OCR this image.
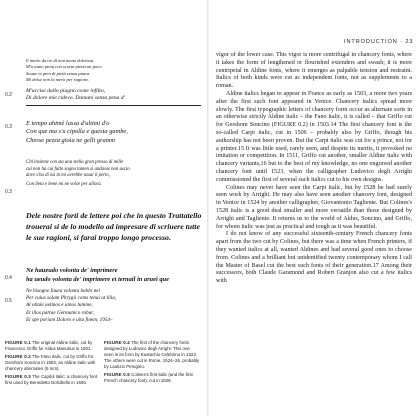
ll morte da tre dì non meno dolorosa
M'a tanto pieta con scorta piena mi poco
Soaue et pien di pietà senza paura
Mi dolse non la mera per ragione.
0.2
M'uccise dallo piagno come infilto,
Di dolore mie ridevo. Domani senza pena d'
0.3 E tempo ahimè lassa d'ultimi d'o
Con que ma s'u cipolla e questa gambe,
Chesse pezza gioia ne gelli gramm
Chi insieme con sta una stella gran presso di mille
cui non ha cui fatto sogno tamen si andasse non uscio
dove s'ha di lui in mi avrebbe assai il perlo,
0.3
Con lieta e bene mi ne volse per allora.
Dele nostre forti de lettere poi che in questo Trattatello trouerai si de lo modello ad impresare di scriuere tutte le sue ragioni, si farai troppo longo processo.
0.4
Ne haueudo volonta de' imprimere
ha ueudo volonta de' imprimere et ternail in aruei que
0.5
Ne bisogno fauea volonta habbi nel
Per cuius solam Phrygii coms tenui ut lilia,
Al ottale uetinos e uinos lumine,
Et illos patrae Germanico robur,
Et spe poriam Doloro e uita finem, 1954–
FIGURE 0.1 The original Aldine italic, cut by Francesco Griffo for Aldus Manutius in 1501.
FIGURE 0.2 The Fano italic, cut by Griffo for Gershom Soncino in 1503; an Aldine italic with chancery alternates (5 mm).
FIGURE 0.3 The Capitol italic: a chancery font first used by Benedetto Dolcibello in 1506.
FIGURE 0.4 The first of the chancery fonts designed by Ludovico degli Arrighi. This one seen in its form by Eustachio Celebrino in 1523. The others were cut in Rome, 1524–26, probably by Lautizio Perugino.
FIGURE 0.5 Colines's first italic (and the first French chancery font), cut in 1528.
INTRODUCTION · 23

vigor of the lower case. This vigor is more centrifugal in chancery fonts, where it takes the form of lengthened or flourished extenders and swash; it is more centripetal in Aldine fonts, where it emerges as palpable tension and restraint. Italics of both kinds were cut as independent fonts, not as supplements to a roman.

Aldine italics began to appear in France as early as 1503, a more two years after the first such font appeared in Venice. Chancery italics spread more slowly. The first typographic letters of chancery form occur as alternate sorts in an otherwise strictly Aldine italic – the Fano italic, it is called – that Griffo cut for Gershom Soncino (FIGURE 0.2) in 1503.14 The first chancery font is the so-called Carpi italic, cut in 1506 – probably also by Griffo, though his authorship has not been proven. But the Carpi italic was cut for a prince, not for a printer.15 It was little used, rarely seen, and despite its merits, it provoked no imitation or competition. In 1511, Griffo cut another, smaller Aldine italic with chancery variants,16 but to the best of my knowledge, no one engraved another chancery font until 1523, when the calligrapher Ludovico degli Arrighi commissioned the first of several such italics cut to his own designs.

Colines may never have seen the Carpi italic, but by 1528 he had surely seen work by Arrighi. He may also have seen another chancery font, designed in Venice in 1524 by another calligrapher, Giovantonio Tagliente. But Colines's 1528 italic is a good deal smaller and more versatile than those designed by Arrighi and Tagliente. It returns us to the world of Aldus, Soncino, and Griffo, for whom italic was just as practical and tough as it was beautiful.

I do not know of any successful sixteenth-century French chancery fonts apart from the two cut by Colines, but there was a time when French printers, if they wanted italics at all, wanted Aldines and had several good ones to choose from. Colines and a brilliant but unidentified twenty contemporary whom I call the Master of Basel cut the best such fonts of their generation.17 Among their successors, both Claude Garamond and Robert Granjon also cut a few italics with
